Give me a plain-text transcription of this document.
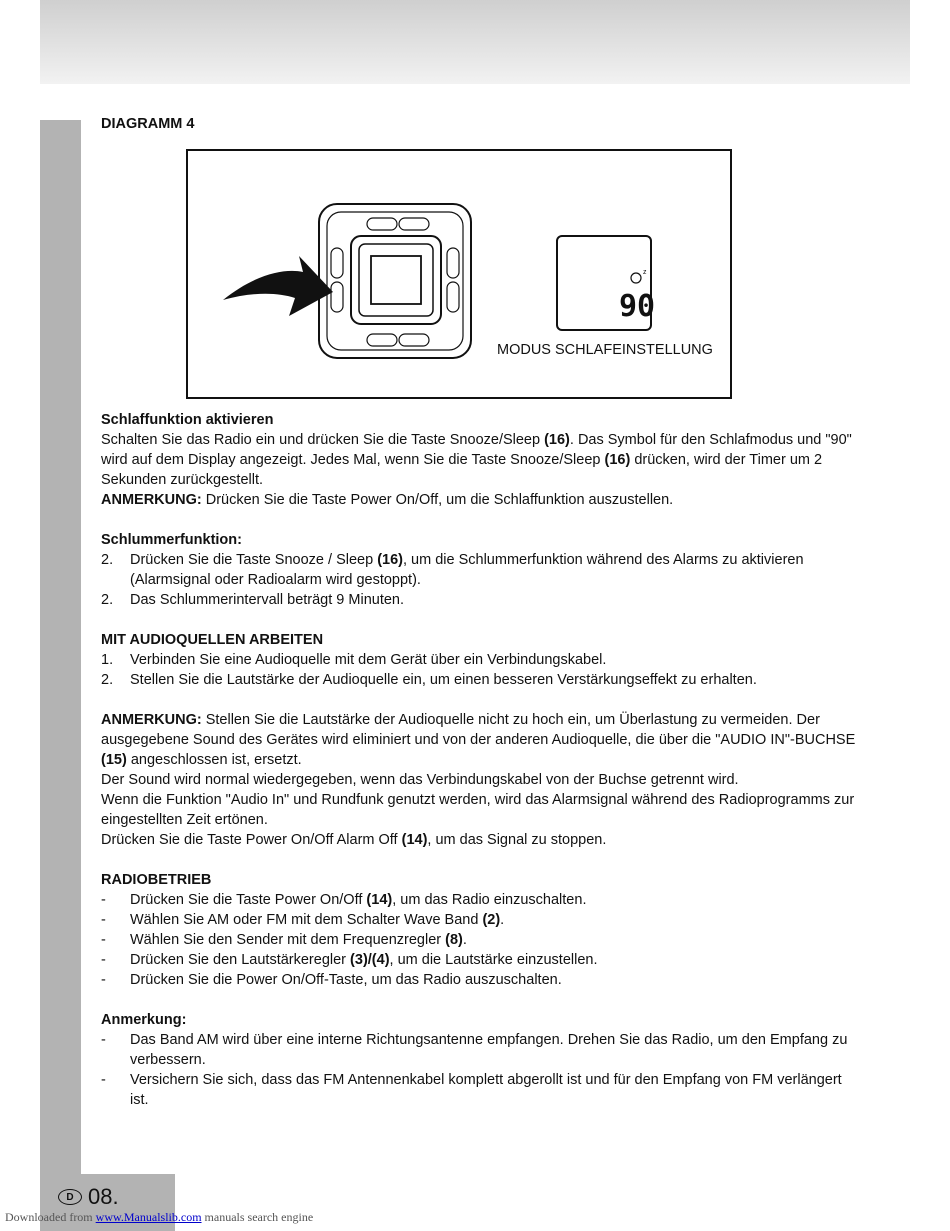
DIAGRAMM 4
z
90
MODUS SCHLAFEINSTELLUNG
Schlaffunktion aktivieren

Schalten Sie das Radio ein und drücken Sie die Taste Snooze/Sleep (16). Das Symbol für den Schlafmodus und "90" wird auf dem Display angezeigt. Jedes Mal, wenn Sie die Taste Snooze/Sleep (16) drücken, wird der Timer um 2 Sekunden zurückgestellt.

ANMERKUNG: Drücken Sie die Taste Power On/Off, um die Schlaffunktion auszustellen.

Schlummerfunktion:
2.	Drücken Sie die Taste Snooze / Sleep (16), um die Schlummerfunktion während des Alarms zu aktivieren (Alarmsignal oder Radioalarm wird gestoppt).
2.	Das Schlummerintervall beträgt 9 Minuten.
MIT AUDIOQUELLEN ARBEITEN
1.	Verbinden Sie eine Audioquelle mit dem Gerät über ein Verbindungskabel.
2.	Stellen Sie die Lautstärke der Audioquelle ein, um einen besseren Verstärkungseffekt zu erhalten.

ANMERKUNG: Stellen Sie die Lautstärke der Audioquelle nicht zu hoch ein, um Überlastung zu vermeiden. Der ausgegebene Sound des Gerätes wird eliminiert und von der anderen Audioquelle, die über die "AUDIO IN"-BUCHSE (15) angeschlossen ist, ersetzt.

Der Sound wird normal wiedergegeben, wenn das Verbindungskabel von der Buchse getrennt wird.

Wenn die Funktion "Audio In" und Rundfunk genutzt werden, wird das Alarmsignal während des Radioprogramms zur eingestellten Zeit ertönen.

Drücken Sie die Taste Power On/Off Alarm Off (14), um das Signal zu stoppen.

RADIOBETRIEB
-	Drücken Sie die Taste Power On/Off (14), um das Radio einzuschalten.
-	Wählen Sie AM oder FM mit dem Schalter Wave Band (2).
-	Wählen Sie den Sender mit dem Frequenzregler (8).
-	Drücken Sie den Lautstärkeregler (3)/(4), um die Lautstärke einzustellen.
-	Drücken Sie die Power On/Off-Taste, um das Radio auszuschalten.
Anmerkung:
-	Das Band AM wird über eine interne Richtungsantenne empfangen. Drehen Sie das Radio, um den Empfang zu verbessern.
-	Versichern Sie sich, dass das FM Antennenkabel komplett abgerollt ist und für den Empfang von FM verlängert ist.
D 08.
Downloaded from www.Manualslib.com manuals search engine
